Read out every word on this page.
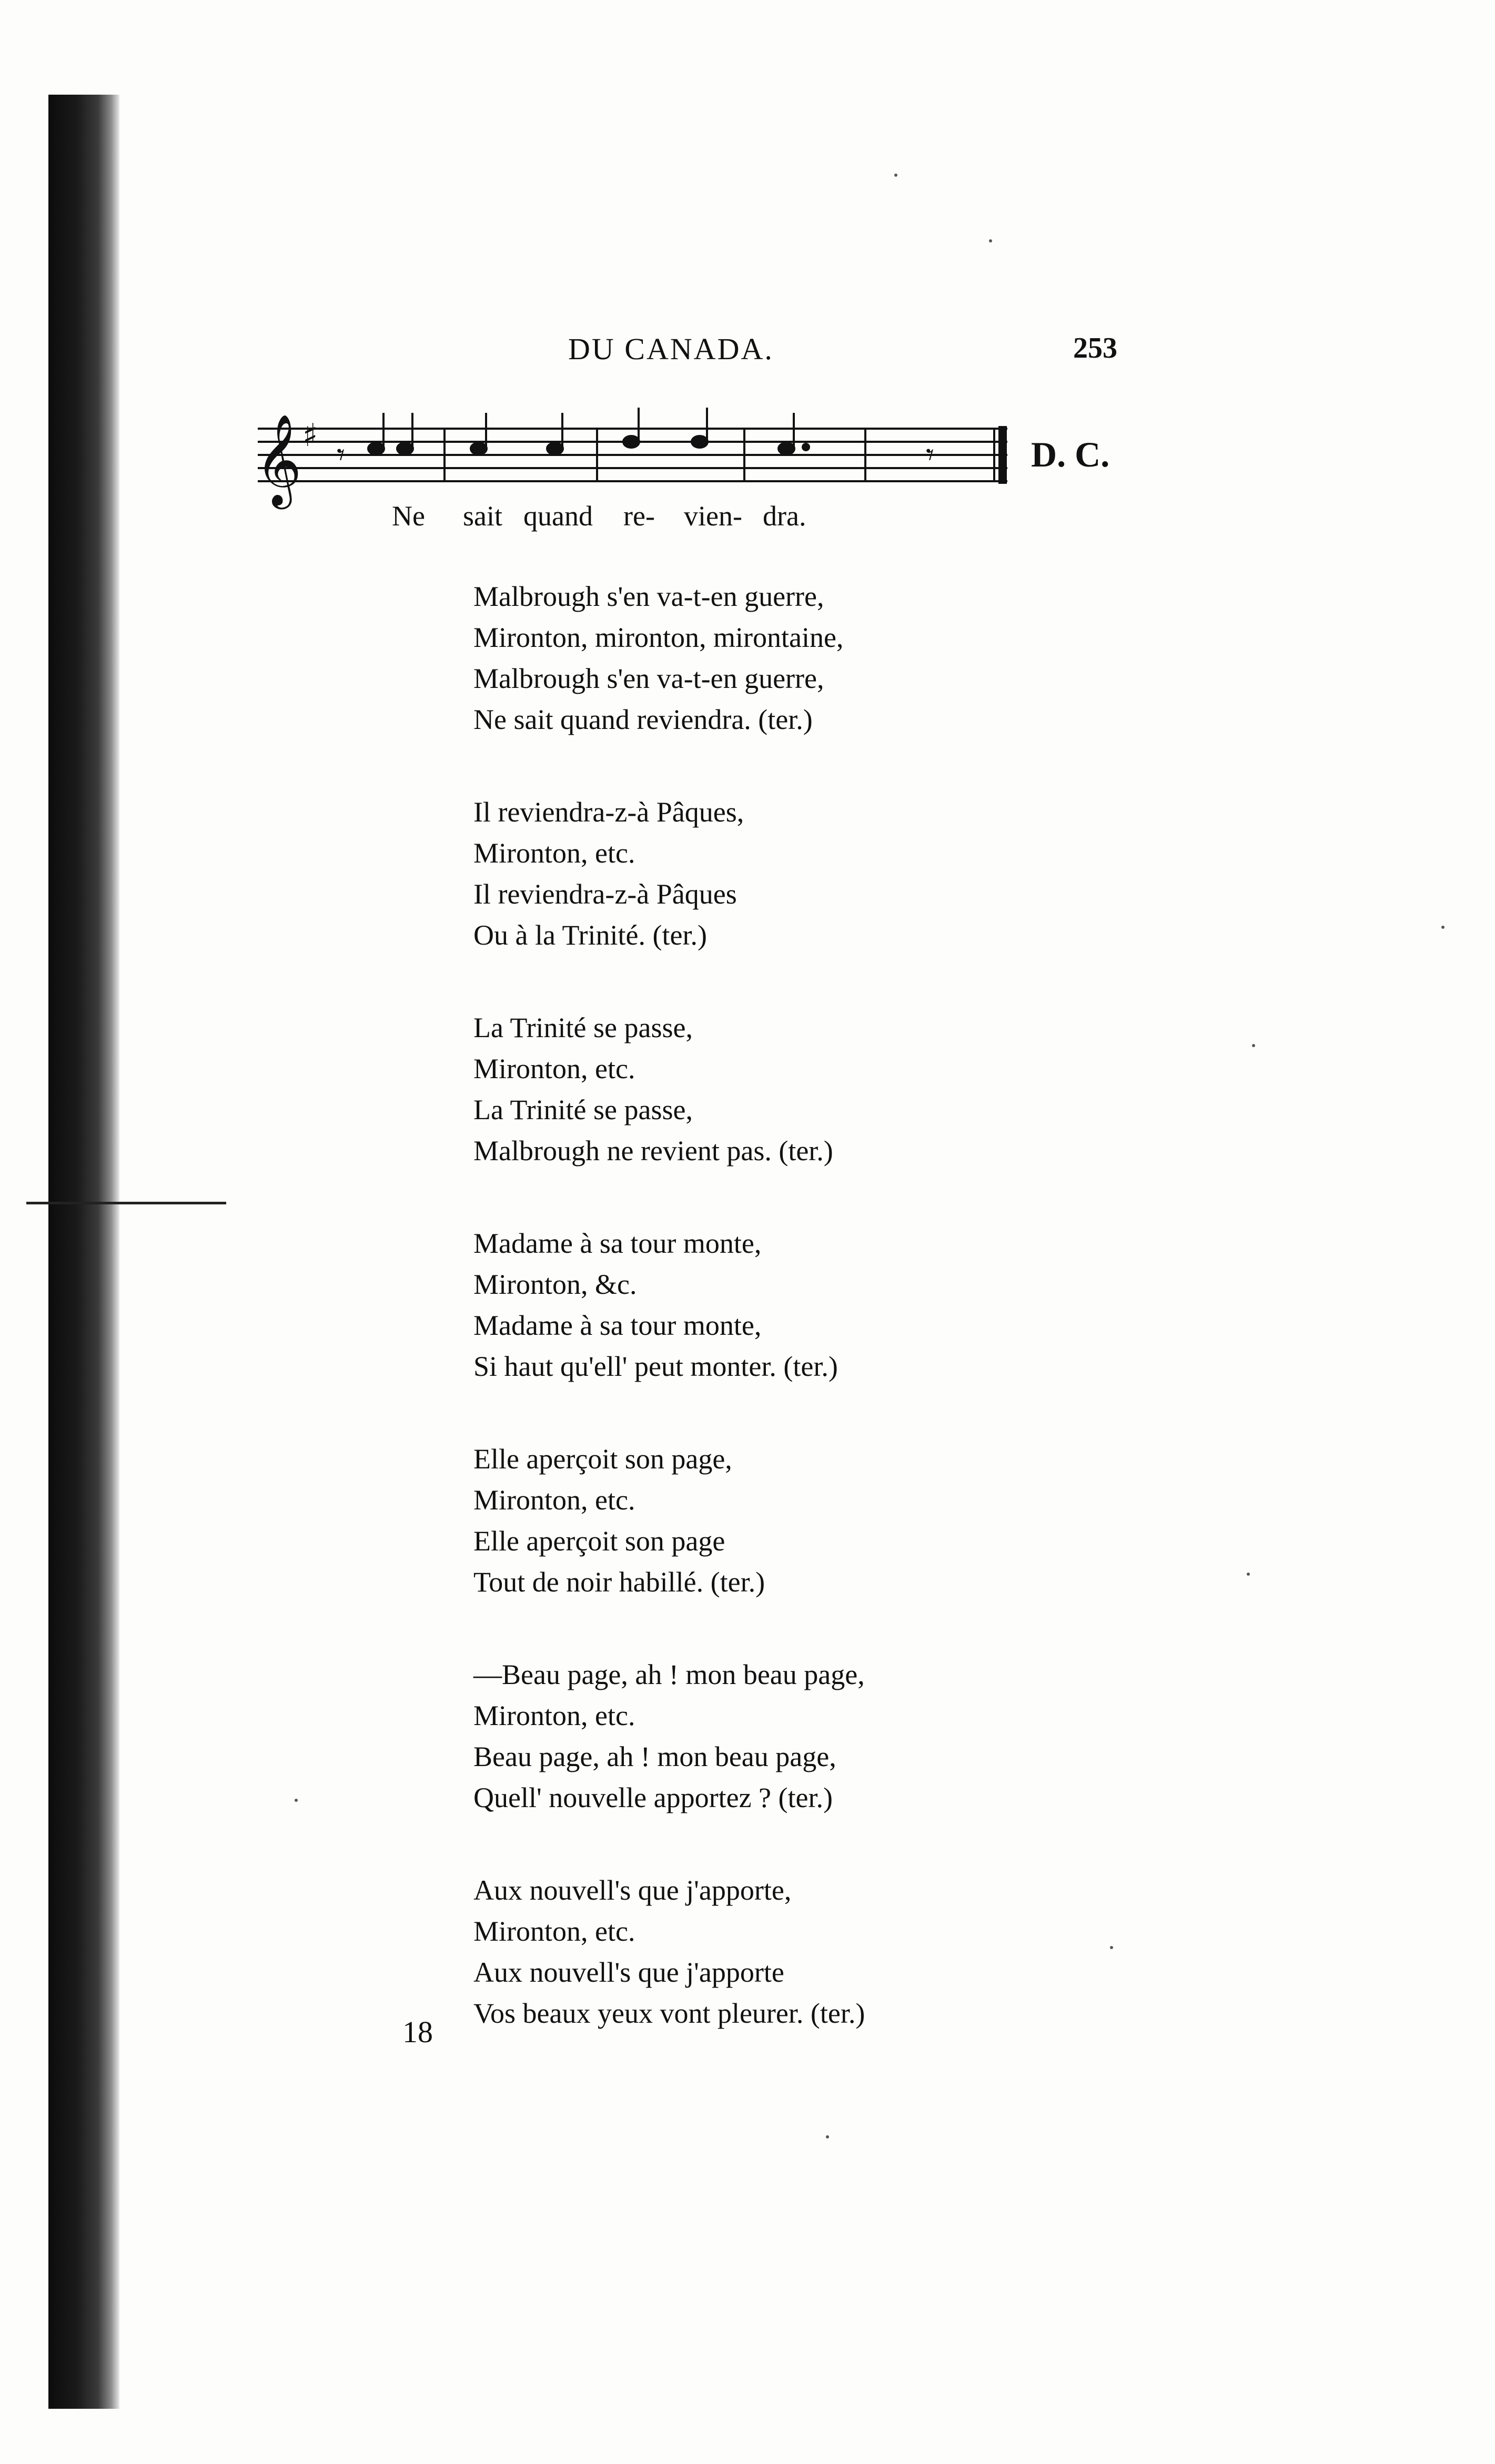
DU CANADA.	253
𝄞 ♯
𝄾	𝄾	D. C.
Ne sait quand re- vien- dra.
Malbrough s'en va-t-en guerre,
Mironton, mironton, mirontaine,
Malbrough s'en va-t-en guerre,
Ne sait quand reviendra. (ter.)
Il reviendra-z-à Pâques,
Mironton, etc.
Il reviendra-z-à Pâques
Ou à la Trinité. (ter.)
La Trinité se passe,
Mironton, etc.
La Trinité se passe,
Malbrough ne revient pas. (ter.)
Madame à sa tour monte,
Mironton, &c.
Madame à sa tour monte,
Si haut qu'ell' peut monter. (ter.)
Elle aperçoit son page,
Mironton, etc.
Elle aperçoit son page
Tout de noir habillé. (ter.)
—Beau page, ah ! mon beau page,
Mironton, etc.
Beau page, ah ! mon beau page,
Quell' nouvelle apportez ? (ter.)
Aux nouvell's que j'apporte,
Mironton, etc.
Aux nouvell's que j'apporte
Vos beaux yeux vont pleurer. (ter.)
18
